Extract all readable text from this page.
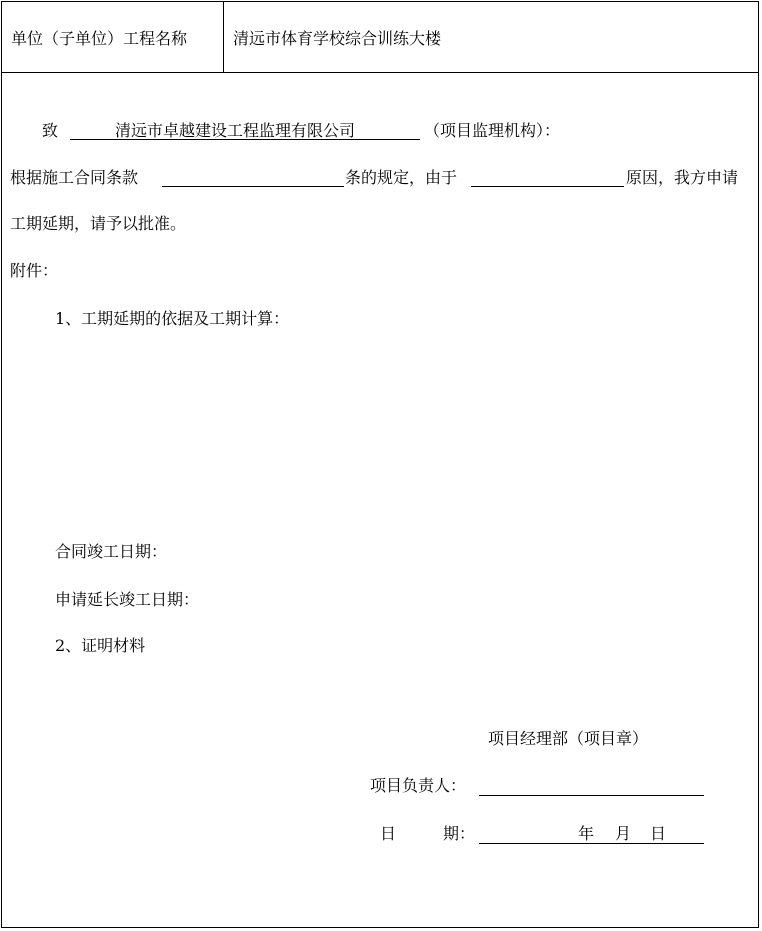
单位（子单位）工程名称	清远市体育学校综合训练大楼
致	清远市卓越建设工程监理有限公司	（项目监理机构）：
根据施工合同条款	条的规定，由于	原因，我方申请
工期延期，请予以批准。
附件：
1、工期延期的依据及工期计算：
合同竣工日期：
申请延长竣工日期：
2、证明材料
项目经理部（项目章）
项目负责人：
日	期：	年 月 日
